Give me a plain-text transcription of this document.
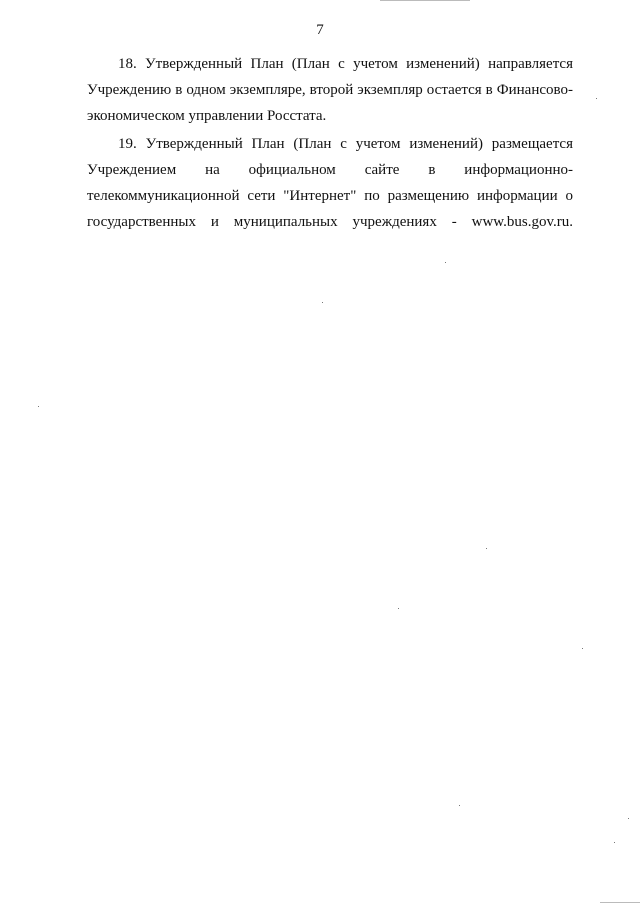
7

18. Утвержденный План (План с учетом изменений) направляется
Учреждению в одном экземпляре, второй экземпляр остается в Финансово-
экономическом управлении Росстата.

19. Утвержденный План (План с учетом изменений) размещается
Учреждением на официальном сайте в информационно-
телекоммуникационной сети "Интернет" по размещению информации о
государственных и муниципальных учреждениях - www.bus.gov.ru.
